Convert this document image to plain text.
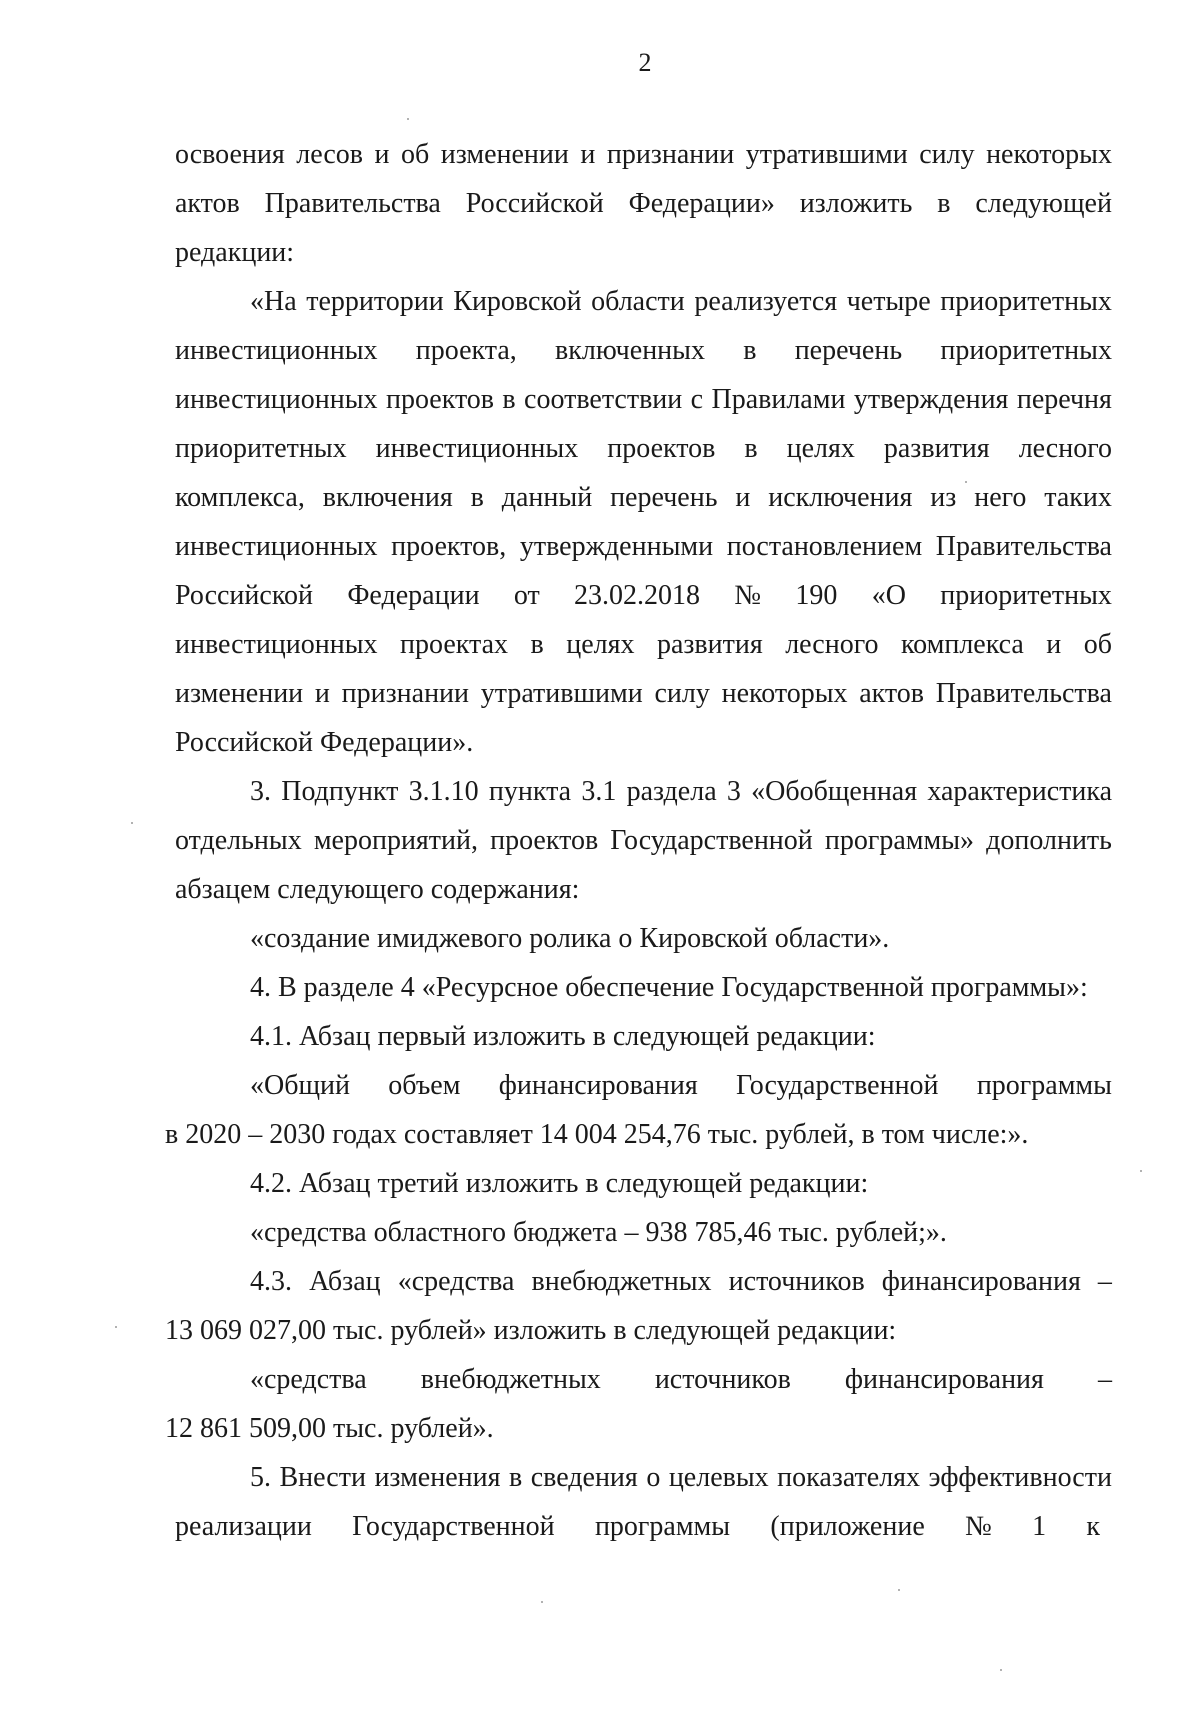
2
освоения лесов и об изменении и признании утратившими силу некоторых
актов Правительства Российской Федерации» изложить в следующей
редакции:
«На территории Кировской области реализуется четыре приоритетных
инвестиционных проекта, включенных в перечень приоритетных
инвестиционных проектов в соответствии с Правилами утверждения перечня
приоритетных инвестиционных проектов в целях развития лесного
комплекса, включения в данный перечень и исключения из него таких
инвестиционных проектов, утвержденными постановлением Правительства
Российской Федерации от 23.02.2018 № 190 «О приоритетных
инвестиционных проектах в целях развития лесного комплекса и об
изменении и признании утратившими силу некоторых актов Правительства
Российской Федерации».
3. Подпункт 3.1.10 пункта 3.1 раздела 3 «Обобщенная характеристика
отдельных мероприятий, проектов Государственной программы» дополнить
абзацем следующего содержания:
«создание имиджевого ролика о Кировской области».
4. В разделе 4 «Ресурсное обеспечение Государственной программы»:
4.1. Абзац первый изложить в следующей редакции:
«Общий объем финансирования Государственной программы
в 2020 – 2030 годах составляет 14 004 254,76 тыс. рублей, в том числе:».
4.2. Абзац третий изложить в следующей редакции:
«средства областного бюджета – 938 785,46 тыс. рублей;».
4.3. Абзац «средства внебюджетных источников финансирования –
13 069 027,00 тыс. рублей» изложить в следующей редакции:
«средства внебюджетных источников финансирования –
12 861 509,00 тыс. рублей».
5. Внести изменения в сведения о целевых показателях эффективности
реализации Государственной программы (приложение № 1 к
